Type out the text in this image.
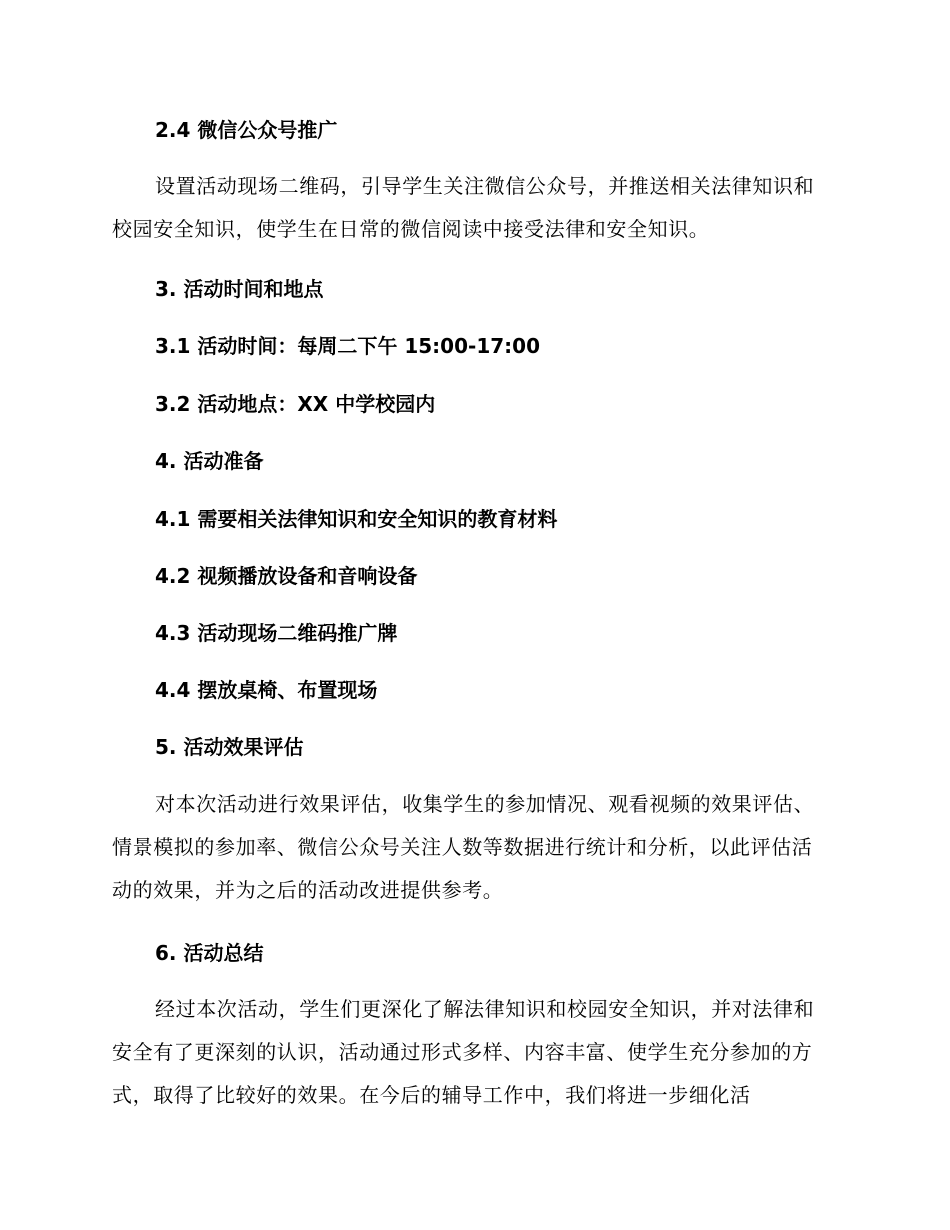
2.4 微信公众号推广

设置活动现场二维码，引导学生关注微信公众号，并推送相关法律知识和校园安全知识，使学生在日常的微信阅读中接受法律和安全知识。

3. 活动时间和地点
3.1 活动时间：每周二下午 15:00-17:00
3.2 活动地点：XX 中学校园内
4. 活动准备
4.1 需要相关法律知识和安全知识的教育材料
4.2 视频播放设备和音响设备
4.3 活动现场二维码推广牌
4.4 摆放桌椅、布置现场
5. 活动效果评估

对本次活动进行效果评估，收集学生的参加情况、观看视频的效果评估、情景模拟的参加率、微信公众号关注人数等数据进行统计和分析，以此评估活动的效果，并为之后的活动改进提供参考。

6. 活动总结

经过本次活动，学生们更深化了解法律知识和校园安全知识，并对法律和安全有了更深刻的认识，活动通过形式多样、内容丰富、使学生充分参加的方式，取得了比较好的效果。在今后的辅导工作中，我们将进一步细化活
